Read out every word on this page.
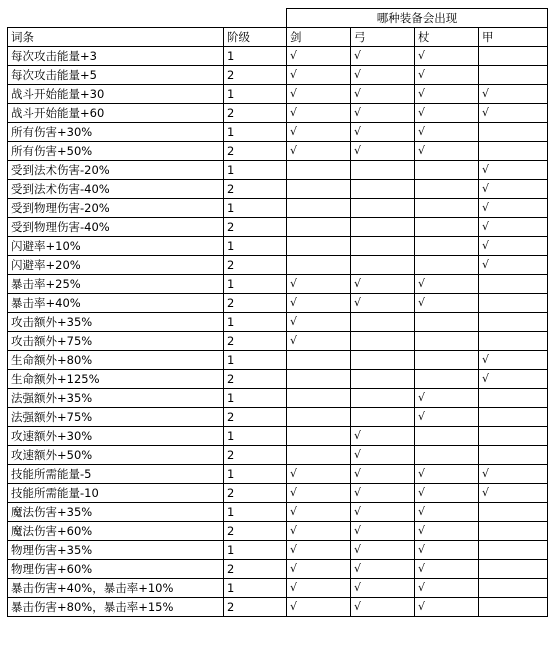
		哪种装备会出现			
词条	阶级	剑	弓	杖	甲
每次攻击能量+3	1	√	√	√	
每次攻击能量+5	2	√	√	√	
战斗开始能量+30	1	√	√	√	√
战斗开始能量+60	2	√	√	√	√
所有伤害+30%	1	√	√	√	
所有伤害+50%	2	√	√	√	
受到法术伤害-20%	1				√
受到法术伤害-40%	2				√
受到物理伤害-20%	1				√
受到物理伤害-40%	2				√
闪避率+10%	1				√
闪避率+20%	2				√
暴击率+25%	1	√	√	√	
暴击率+40%	2	√	√	√	
攻击额外+35%	1	√			
攻击额外+75%	2	√			
生命额外+80%	1				√
生命额外+125%	2				√
法强额外+35%	1			√	
法强额外+75%	2			√	
攻速额外+30%	1		√		
攻速额外+50%	2		√		
技能所需能量-5	1	√	√	√	√
技能所需能量-10	2	√	√	√	√
魔法伤害+35%	1	√	√	√	
魔法伤害+60%	2	√	√	√	
物理伤害+35%	1	√	√	√	
物理伤害+60%	2	√	√	√	
暴击伤害+40%，暴击率+10%	1	√	√	√	
暴击伤害+80%，暴击率+15%	2	√	√	√	
